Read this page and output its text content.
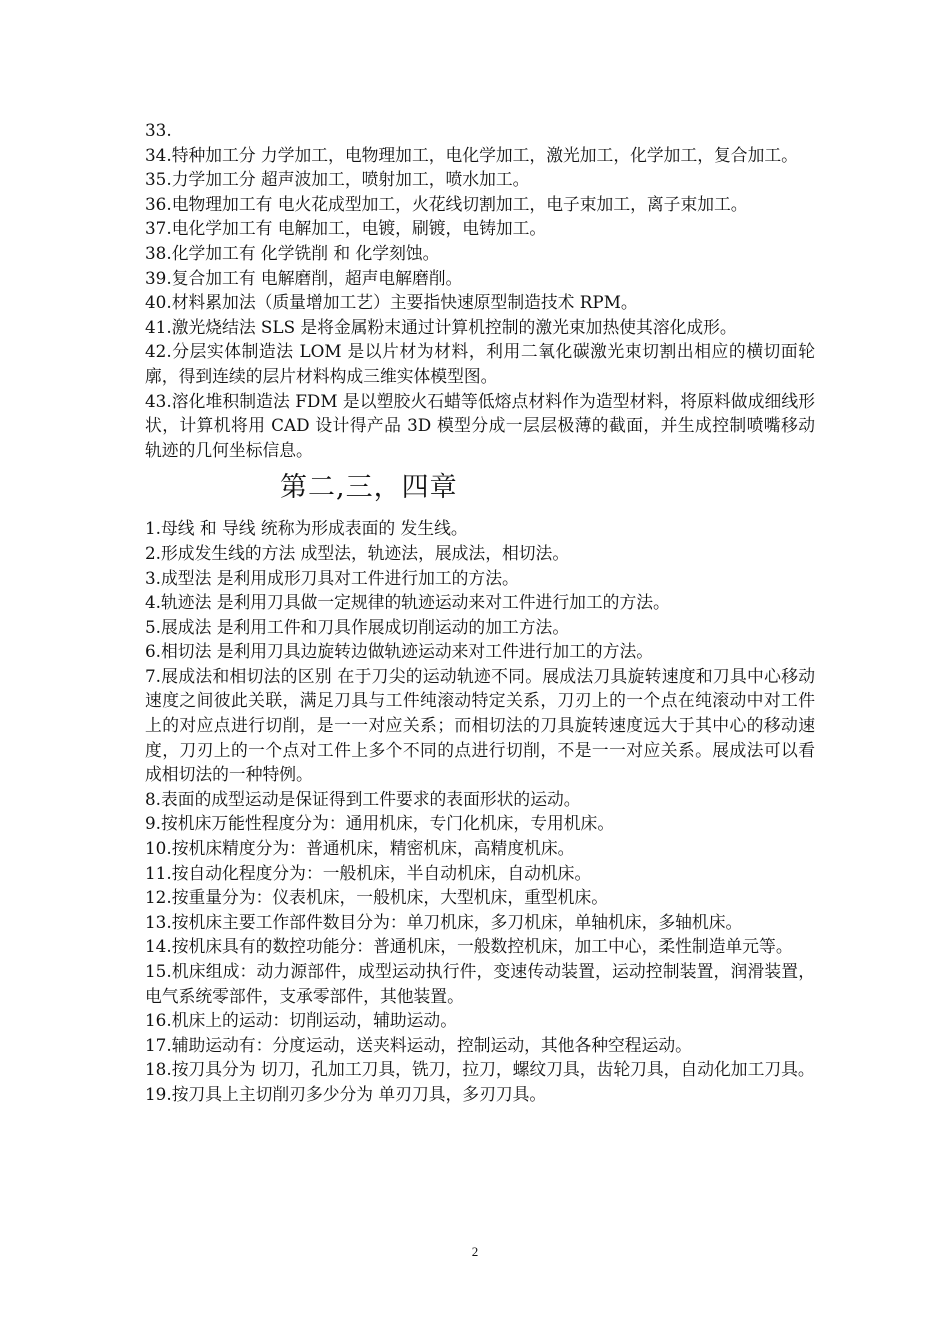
33.

34.特种加工分 力学加工，电物理加工，电化学加工，激光加工，化学加工，复合加工。

35.力学加工分 超声波加工，喷射加工，喷水加工。

36.电物理加工有 电火花成型加工，火花线切割加工，电子束加工，离子束加工。

37.电化学加工有 电解加工，电镀，刷镀，电铸加工。

38.化学加工有 化学铣削 和 化学刻蚀。

39.复合加工有 电解磨削，超声电解磨削。

40.材料累加法（质量增加工艺）主要指快速原型制造技术 RPM。

41.激光烧结法 SLS 是将金属粉末通过计算机控制的激光束加热使其溶化成形。

42.分层实体制造法 LOM 是以片材为材料，利用二氧化碳激光束切割出相应的横切面轮廓，得到连续的层片材料构成三维实体模型图。

43.溶化堆积制造法 FDM 是以塑胶火石蜡等低熔点材料作为造型材料，将原料做成细线形状，计算机将用 CAD 设计得产品 3D 模型分成一层层极薄的截面，并生成控制喷嘴移动轨迹的几何坐标信息。

第二,三，四章

1.母线 和 导线 统称为形成表面的 发生线。

2.形成发生线的方法 成型法，轨迹法，展成法，相切法。

3.成型法 是利用成形刀具对工件进行加工的方法。

4.轨迹法 是利用刀具做一定规律的轨迹运动来对工件进行加工的方法。

5.展成法 是利用工件和刀具作展成切削运动的加工方法。

6.相切法 是利用刀具边旋转边做轨迹运动来对工件进行加工的方法。

7.展成法和相切法的区别 在于刀尖的运动轨迹不同。展成法刀具旋转速度和刀具中心移动速度之间彼此关联，满足刀具与工件纯滚动特定关系，刀刃上的一个点在纯滚动中对工件上的对应点进行切削，是一一对应关系；而相切法的刀具旋转速度远大于其中心的移动速度，刀刃上的一个点对工件上多个不同的点进行切削，不是一一对应关系。展成法可以看成相切法的一种特例。

8.表面的成型运动是保证得到工件要求的表面形状的运动。

9.按机床万能性程度分为：通用机床，专门化机床，专用机床。

10.按机床精度分为：普通机床，精密机床，高精度机床。

11.按自动化程度分为：一般机床，半自动机床，自动机床。

12.按重量分为：仪表机床，一般机床，大型机床，重型机床。

13.按机床主要工作部件数目分为：单刀机床，多刀机床，单轴机床，多轴机床。

14.按机床具有的数控功能分：普通机床，一般数控机床，加工中心，柔性制造单元等。

15.机床组成：动力源部件，成型运动执行件，变速传动装置，运动控制装置，润滑装置，电气系统零部件，支承零部件，其他装置。

16.机床上的运动：切削运动，辅助运动。

17.辅助运动有：分度运动，送夹料运动，控制运动，其他各种空程运动。

18.按刀具分为 切刀，孔加工刀具，铣刀，拉刀，螺纹刀具，齿轮刀具，自动化加工刀具。

19.按刀具上主切削刃多少分为 单刃刀具，多刃刀具。

2
